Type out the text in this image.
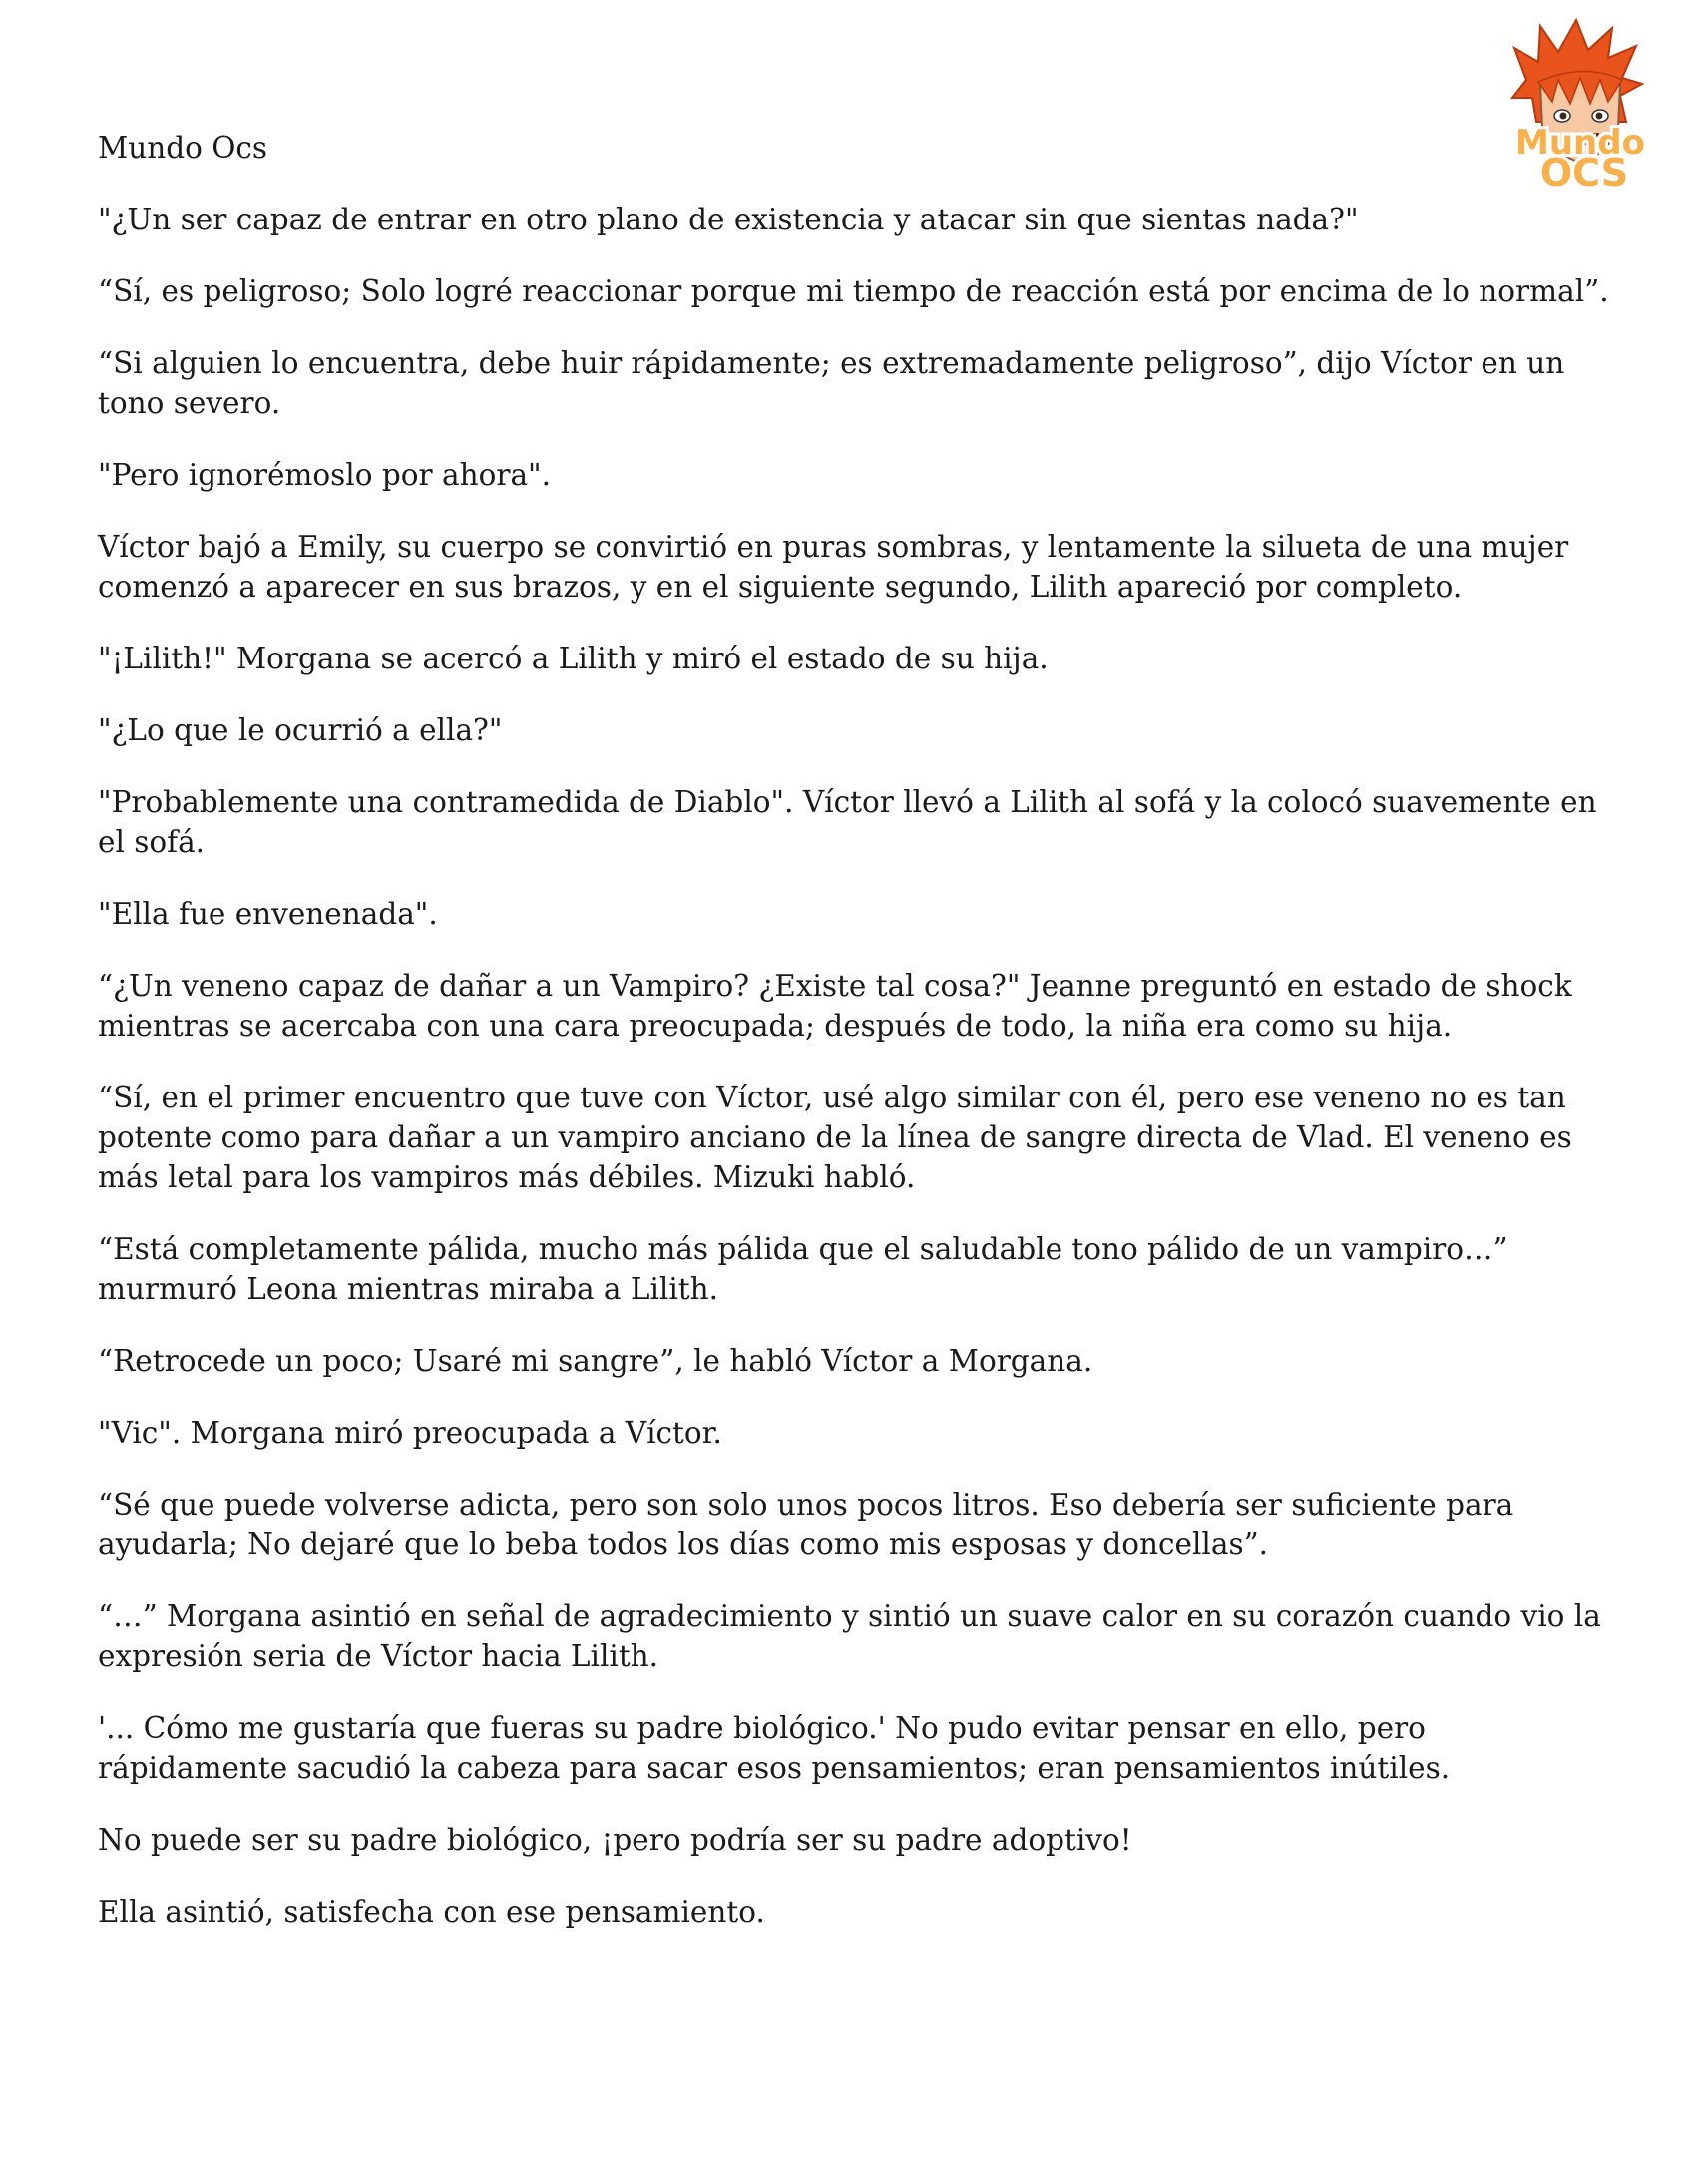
Mundo
OCS

Mundo Ocs

"¿Un ser capaz de entrar en otro plano de existencia y atacar sin que sientas nada?"

“Sí, es peligroso; Solo logré reaccionar porque mi tiempo de reacción está por encima de lo normal”.

“Si alguien lo encuentra, debe huir rápidamente; es extremadamente peligroso”, dijo Víctor en un tono severo.

"Pero ignorémoslo por ahora".

Víctor bajó a Emily, su cuerpo se convirtió en puras sombras, y lentamente la silueta de una mujer comenzó a aparecer en sus brazos, y en el siguiente segundo, Lilith apareció por completo.

"¡Lilith!" Morgana se acercó a Lilith y miró el estado de su hija.

"¿Lo que le ocurrió a ella?"

"Probablemente una contramedida de Diablo". Víctor llevó a Lilith al sofá y la colocó suavemente en el sofá.

"Ella fue envenenada".

“¿Un veneno capaz de dañar a un Vampiro? ¿Existe tal cosa?" Jeanne preguntó en estado de shock mientras se acercaba con una cara preocupada; después de todo, la niña era como su hija.

“Sí, en el primer encuentro que tuve con Víctor, usé algo similar con él, pero ese veneno no es tan potente como para dañar a un vampiro anciano de la línea de sangre directa de Vlad. El veneno es más letal para los vampiros más débiles. Mizuki habló.

“Está completamente pálida, mucho más pálida que el saludable tono pálido de un vampiro…” murmuró Leona mientras miraba a Lilith.

“Retrocede un poco; Usaré mi sangre”, le habló Víctor a Morgana.

"Vic". Morgana miró preocupada a Víctor.

“Sé que puede volverse adicta, pero son solo unos pocos litros. Eso debería ser suficiente para ayudarla; No dejaré que lo beba todos los días como mis esposas y doncellas”.

“…” Morgana asintió en señal de agradecimiento y sintió un suave calor en su corazón cuando vio la expresión seria de Víctor hacia Lilith.

'... Cómo me gustaría que fueras su padre biológico.' No pudo evitar pensar en ello, pero rápidamente sacudió la cabeza para sacar esos pensamientos; eran pensamientos inútiles.

No puede ser su padre biológico, ¡pero podría ser su padre adoptivo!

Ella asintió, satisfecha con ese pensamiento.
